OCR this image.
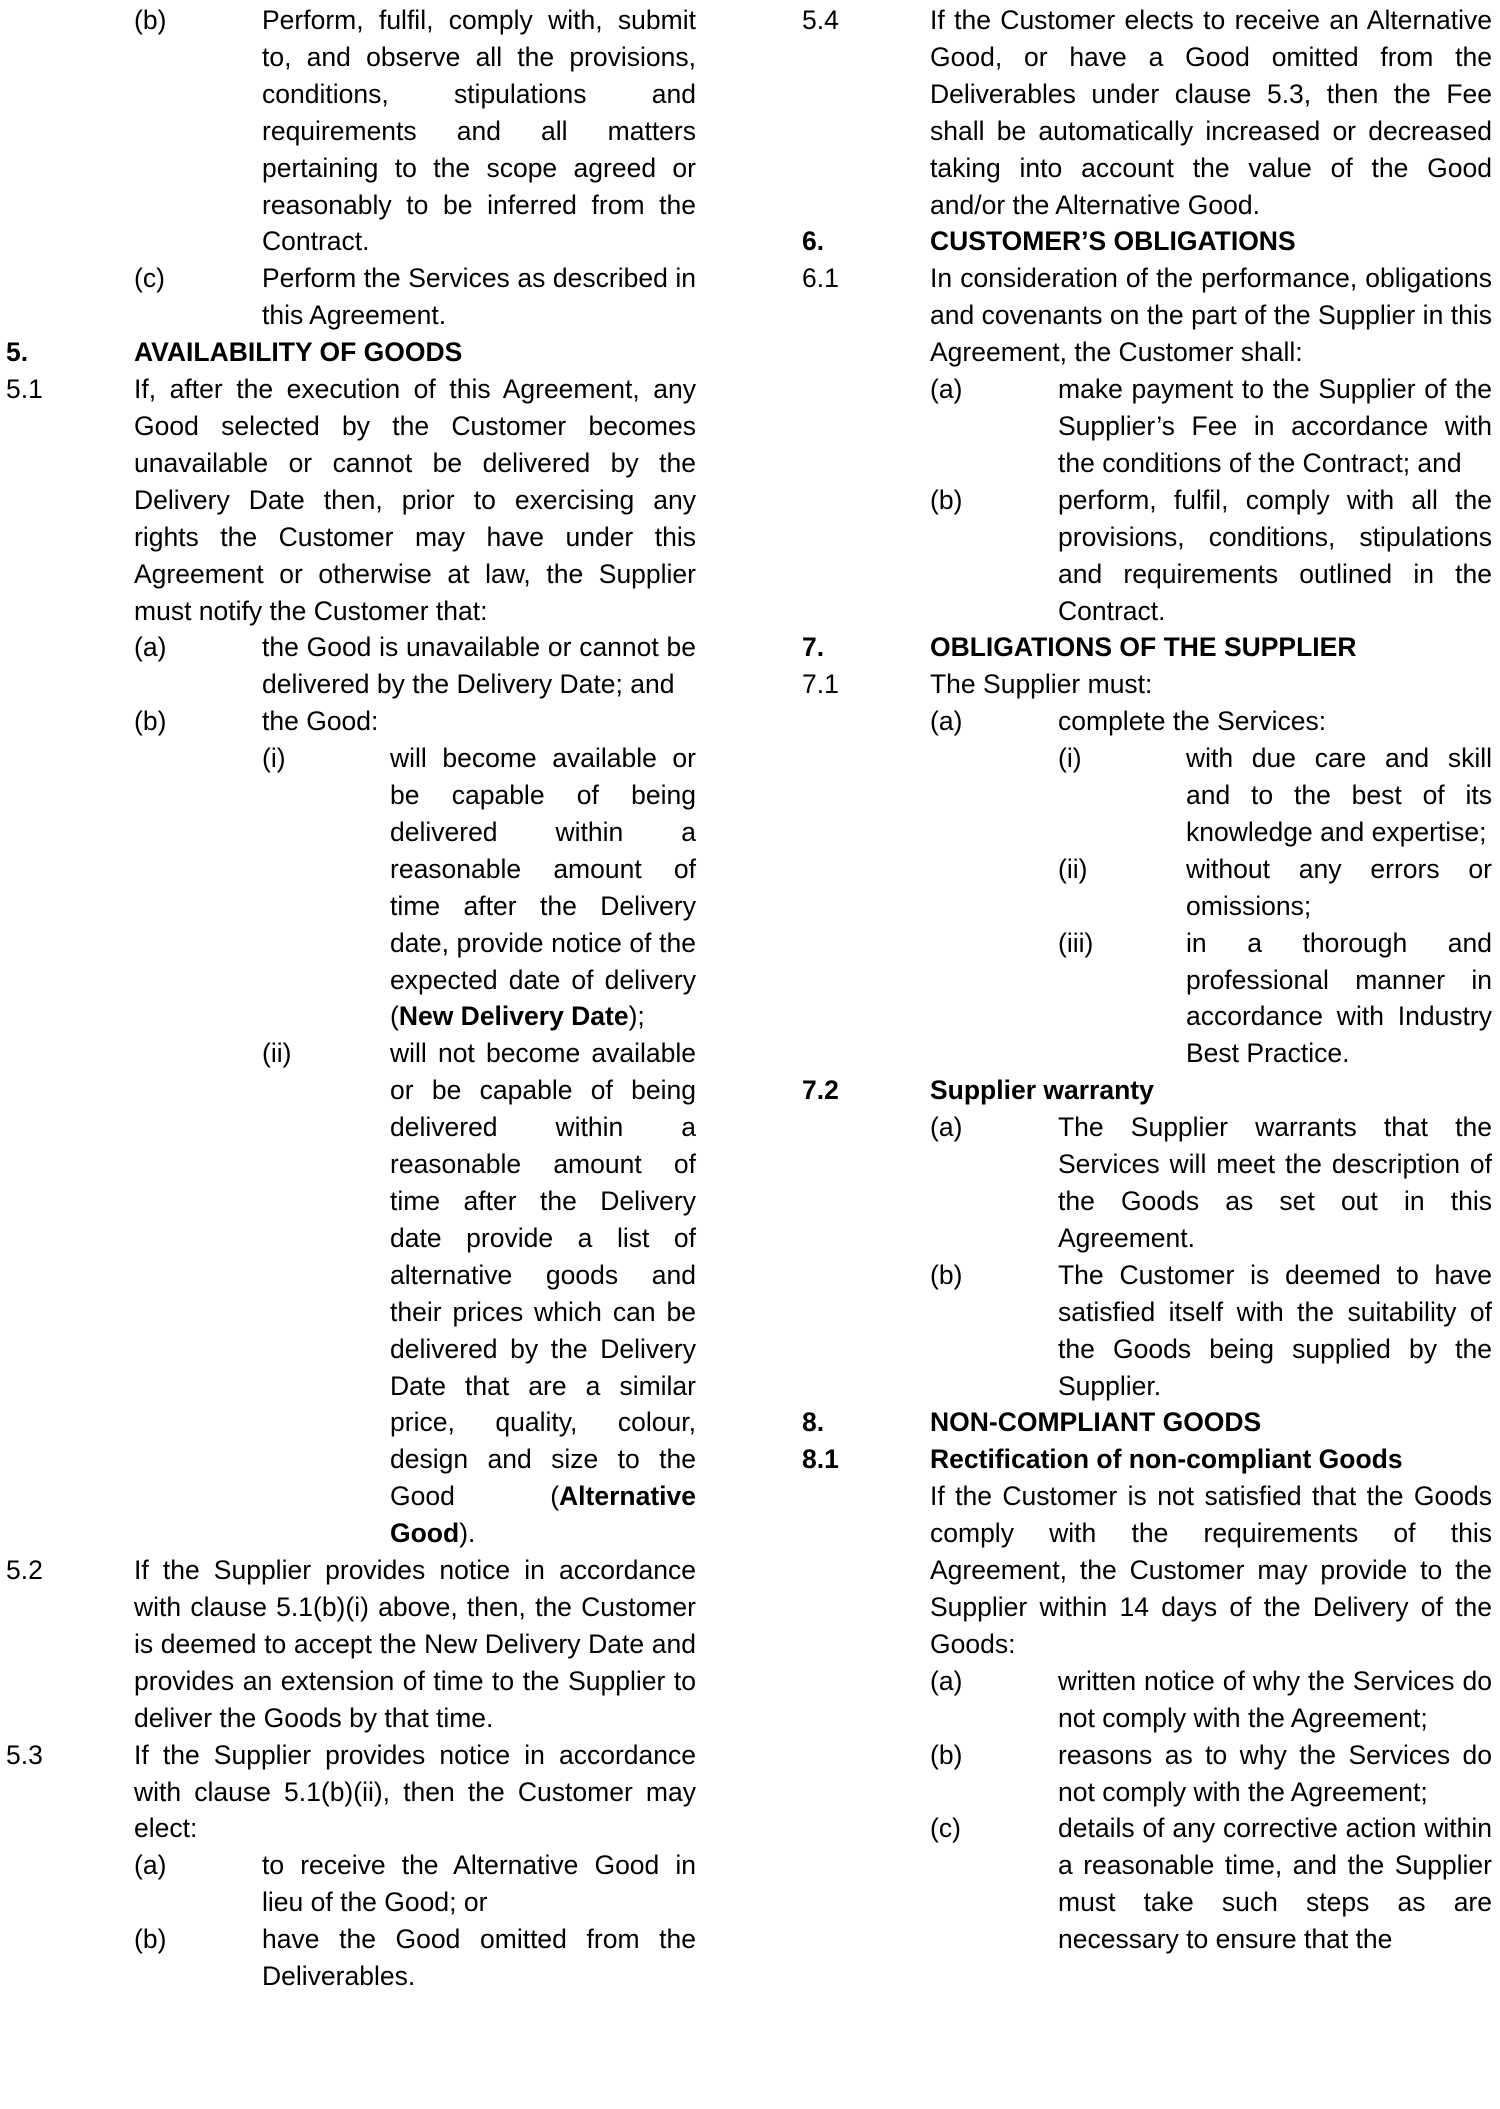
(b)	Perform, fulfil, comply with, submit to, and observe all the provisions, conditions, stipulations and requirements and all matters pertaining to the scope agreed or reasonably to be inferred from the Contract.
(c)	Perform the Services as described in this Agreement.
5.	AVAILABILITY OF GOODS
5.1	If, after the execution of this Agreement, any Good selected by the Customer becomes unavailable or cannot be delivered by the Delivery Date then, prior to exercising any rights the Customer may have under this Agreement or otherwise at law, the Supplier must notify the Customer that:
(a)	the Good is unavailable or cannot be delivered by the Delivery Date; and
(b)	the Good:
(i)	will become available or be capable of being delivered within a reasonable amount of time after the Delivery date, provide notice of the expected date of delivery (New Delivery Date);
(ii)	will not become available or be capable of being delivered within a reasonable amount of time after the Delivery date provide a list of alternative goods and their prices which can be delivered by the Delivery Date that are a similar price, quality, colour, design and size to the Good (Alternative Good).
5.2	If the Supplier provides notice in accordance with clause 5.1(b)(i) above, then, the Customer is deemed to accept the New Delivery Date and provides an extension of time to the Supplier to deliver the Goods by that time.
5.3	If the Supplier provides notice in accordance with clause 5.1(b)(ii), then the Customer may elect:
(a)	to receive the Alternative Good in lieu of the Good; or
(b)	have the Good omitted from the Deliverables.
5.4	If the Customer elects to receive an Alternative Good, or have a Good omitted from the Deliverables under clause 5.3, then the Fee shall be automatically increased or decreased taking into account the value of the Good and/or the Alternative Good.
6.	CUSTOMER’S OBLIGATIONS
6.1	In consideration of the performance, obligations and covenants on the part of the Supplier in this Agreement, the Customer shall:
(a)	make payment to the Supplier of the Supplier’s Fee in accordance with the conditions of the Contract; and
(b)	perform, fulfil, comply with all the provisions, conditions, stipulations and requirements outlined in the Contract.
7.	OBLIGATIONS OF THE SUPPLIER
7.1	The Supplier must:
(a)	complete the Services:
(i)	with due care and skill and to the best of its knowledge and expertise;
(ii)	without any errors or omissions;
(iii)	in a thorough and professional manner in accordance with Industry Best Practice.
7.2	Supplier warranty
(a)	The Supplier warrants that the Services will meet the description of the Goods as set out in this Agreement.
(b)	The Customer is deemed to have satisfied itself with the suitability of the Goods being supplied by the Supplier.
8.	NON-COMPLIANT GOODS
8.1	Rectification of non-compliant Goods
If the Customer is not satisfied that the Goods comply with the requirements of this Agreement, the Customer may provide to the Supplier within 14 days of the Delivery of the Goods:
(a)	written notice of why the Services do not comply with the Agreement;
(b)	reasons as to why the Services do not comply with the Agreement;
(c)	details of any corrective action within a reasonable time, and the Supplier must take such steps as are necessary to ensure that the
